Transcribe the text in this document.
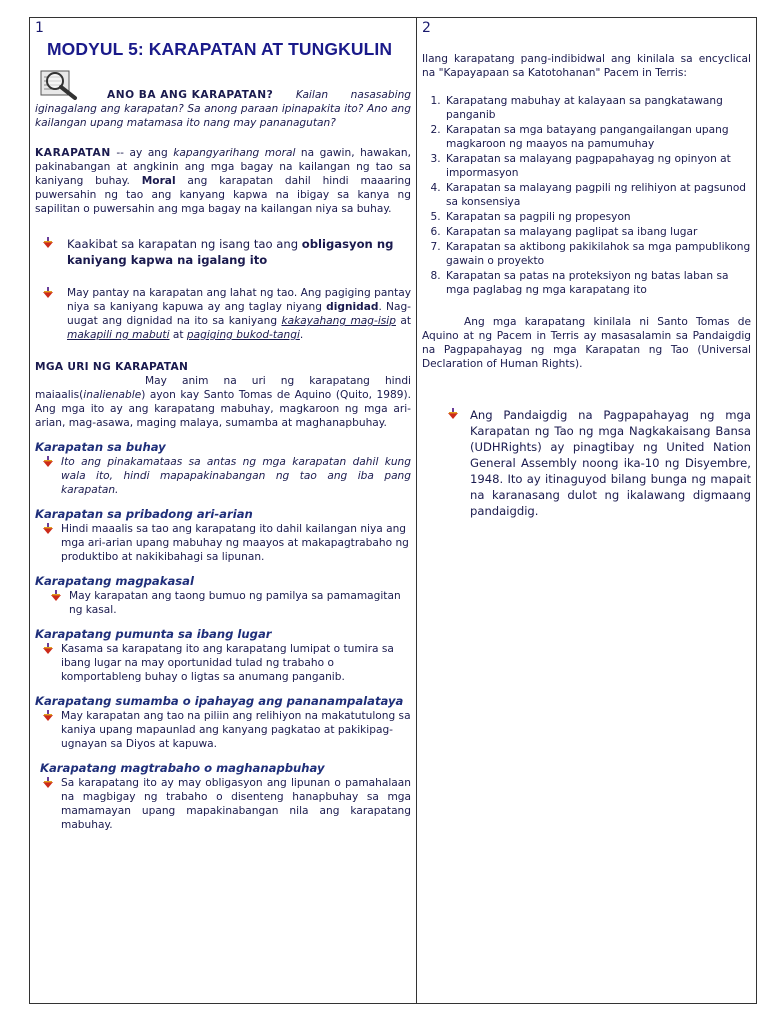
1
MODYUL 5: KARAPATAN AT TUNGKULIN
ANO BA ANG KARAPATAN? Kailan nasasabing iginagalang ang karapatan? Sa anong paraan ipinapakita ito? Ano ang kailangan upang matamasa ito nang may pananagutan?
KARAPATAN -- ay ang kapangyarihang moral na gawin, hawakan, pakinabangan at angkinin ang mga bagay na kailangan ng tao sa kaniyang buhay. Moral ang karapatan dahil hindi maaaring puwersahin ng tao ang kanyang kapwa na ibigay sa kanya ng sapilitan o puwersahin ang mga bagay na kailangan niya sa buhay.
Kaakibat sa karapatan ng isang tao ang obligasyon ng kaniyang kapwa na igalang ito
May pantay na karapatan ang lahat ng tao. Ang pagiging pantay niya sa kaniyang kapuwa ay ang taglay niyang dignidad. Nag-uugat ang dignidad na ito sa kaniyang kakayahang mag-isip at makapili ng mabuti at pagiging bukod-tangi.
MGA URI NG KARAPATAN
May anim na uri ng karapatang hindi maiaalis(inalienable) ayon kay Santo Tomas de Aquino (Quito, 1989). Ang mga ito ay ang karapatang mabuhay, magkaroon ng mga ari-arian, mag-asawa, maging malaya, sumamba at maghanapbuhay.
Karapatan sa buhay
Ito ang pinakamataas sa antas ng mga karapatan dahil kung wala ito, hindi mapapakinabangan ng tao ang iba pang karapatan.
Karapatan sa pribadong ari-arian
Hindi maaalis sa tao ang karapatang ito dahil kailangan niya ang mga ari-arian upang mabuhay ng maayos at makapagtrabaho ng produktibo at nakikibahagi sa lipunan.
Karapatang magpakasal
May karapatan ang taong bumuo ng pamilya sa pamamagitan ng kasal.
Karapatang pumunta sa ibang lugar
Kasama sa karapatang ito ang karapatang lumipat o tumira sa ibang lugar na may oportunidad tulad ng trabaho o komportableng buhay o ligtas sa anumang panganib.
Karapatang sumamba o ipahayag ang pananampalataya
May karapatan ang tao na piliin ang relihiyon na makatutulong sa kaniya upang mapaunlad ang kanyang pagkatao at pakikipag-ugnayan sa Diyos at kapuwa.
Karapatang magtrabaho o maghanapbuhay
Sa karapatang ito ay may obligasyon ang lipunan o pamahalaan na magbigay ng trabaho o disenteng hanapbuhay sa mga mamamayan upang mapakinabangan nila ang karapatang mabuhay.
2
Ilang karapatang pang-indibidwal ang kinilala sa encyclical na "Kapayapaan sa Katotohanan" Pacem in Terris:
1. Karapatang mabuhay at kalayaan sa pangkatawang panganib
2. Karapatan sa mga batayang pangangailangan upang magkaroon ng maayos na pamumuhay
3. Karapatan sa malayang pagpapahayag ng opinyon at impormasyon
4. Karapatan sa malayang pagpili ng relihiyon at pagsunod sa konsensiya
5. Karapatan sa pagpili ng propesyon
6. Karapatan sa malayang paglipat sa ibang lugar
7. Karapatan sa aktibong pakikilahok sa mga pampublikong gawain o proyekto
8. Karapatan sa patas na proteksiyon ng batas laban sa mga paglabag ng mga karapatang ito
Ang mga karapatang kinilala ni Santo Tomas de Aquino at ng Pacem in Terris ay masasalamin sa Pandaigdig na Pagpapahayag ng mga Karapatan ng Tao (Universal Declaration of Human Rights).
Ang Pandaigdig na Pagpapahayag ng mga Karapatan ng Tao ng mga Nagkakaisang Bansa (UDHRights) ay pinagtibay ng United Nation General Assembly noong ika-10 ng Disyembre, 1948. Ito ay itinaguyod bilang bunga ng mapait na karanasang dulot ng ikalawang digmaang pandaigdig.
